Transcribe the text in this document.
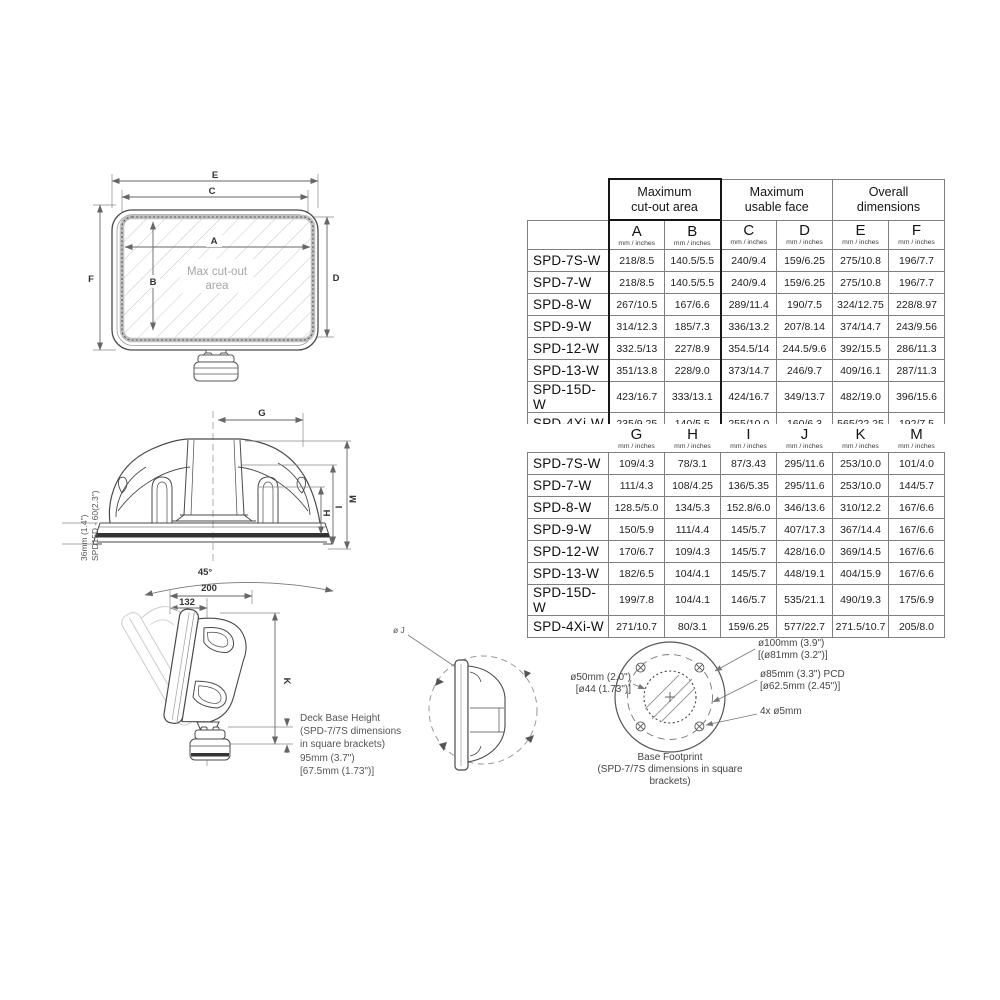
Max cut-out
area
E
C
F	D
A
B
G
M
I
H
36mm (1.4") SPD15D - 60(2.3")
45°
200
132
K
Deck Base Height
(SPD-7/7S dimensions
in square brackets)
95mm (3.7")
[67.5mm (1.73")]
ø J
ø100mm (3.9")
[(ø81mm (3.2")]
ø85mm (3.3") PCD
[ø62.5mm (2.45")]
4x ø5mm
ø50mm (2.0")
[ø44 (1.73")]
Base Footprint
(SPD-7/7S dimensions in square
brackets)

Maximum
cut-out area

Maximum
usable face

Overall
dimensions

A
mm / inches

B
mm / inches

C
mm / inches

D
mm / inches

E
mm / inches

F
mm / inches

SPD-7S-W	218/8.5	140.5/5.5	240/9.4	159/6.25	275/10.8	196/7.7
SPD-7-W	218/8.5	140.5/5.5	240/9.4	159/6.25	275/10.8	196/7.7
SPD-8-W	267/10.5	167/6.6	289/11.4	190/7.5	324/12.75	228/8.97
SPD-9-W	314/12.3	185/7.3	336/13.2	207/8.14	374/14.7	243/9.56
SPD-12-W	332.5/13	227/8.9	354.5/14	244.5/9.6	392/15.5	286/11.3
SPD-13-W	351/13.8	228/9.0	373/14.7	246/9.7	409/16.1	287/11.3
SPD-15D-W	423/16.7	333/13.1	424/16.7	349/13.7	482/19.0	396/15.6

G
mm / inches

H
mm / inches

I
mm / inches

J
mm / inches

K
mm / inches

M
mm / inches

SPD-7S-W	109/4.3	78/3.1	87/3.43	295/11.6	253/10.0	101/4.0
SPD-7-W	111/4.3	108/4.25	136/5.35	295/11.6	253/10.0	144/5.7
SPD-8-W	128.5/5.0	134/5.3	152.8/6.0	346/13.6	310/12.2	167/6.6
SPD-9-W	150/5.9	111/4.4	145/5.7	407/17.3	367/14.4	167/6.6
SPD-12-W	170/6.7	109/4.3	145/5.7	428/16.0	369/14.5	167/6.6
SPD-13-W	182/6.5	104/4.1	145/5.7	448/19.1	404/15.9	167/6.6
SPD-15D-W	199/7.8	104/4.1	146/5.7	535/21.1	490/19.3	175/6.9
SPD-4Xi-W	271/10.7	80/3.1	159/6.25	577/22.7	271.5/10.7	205/8.0
